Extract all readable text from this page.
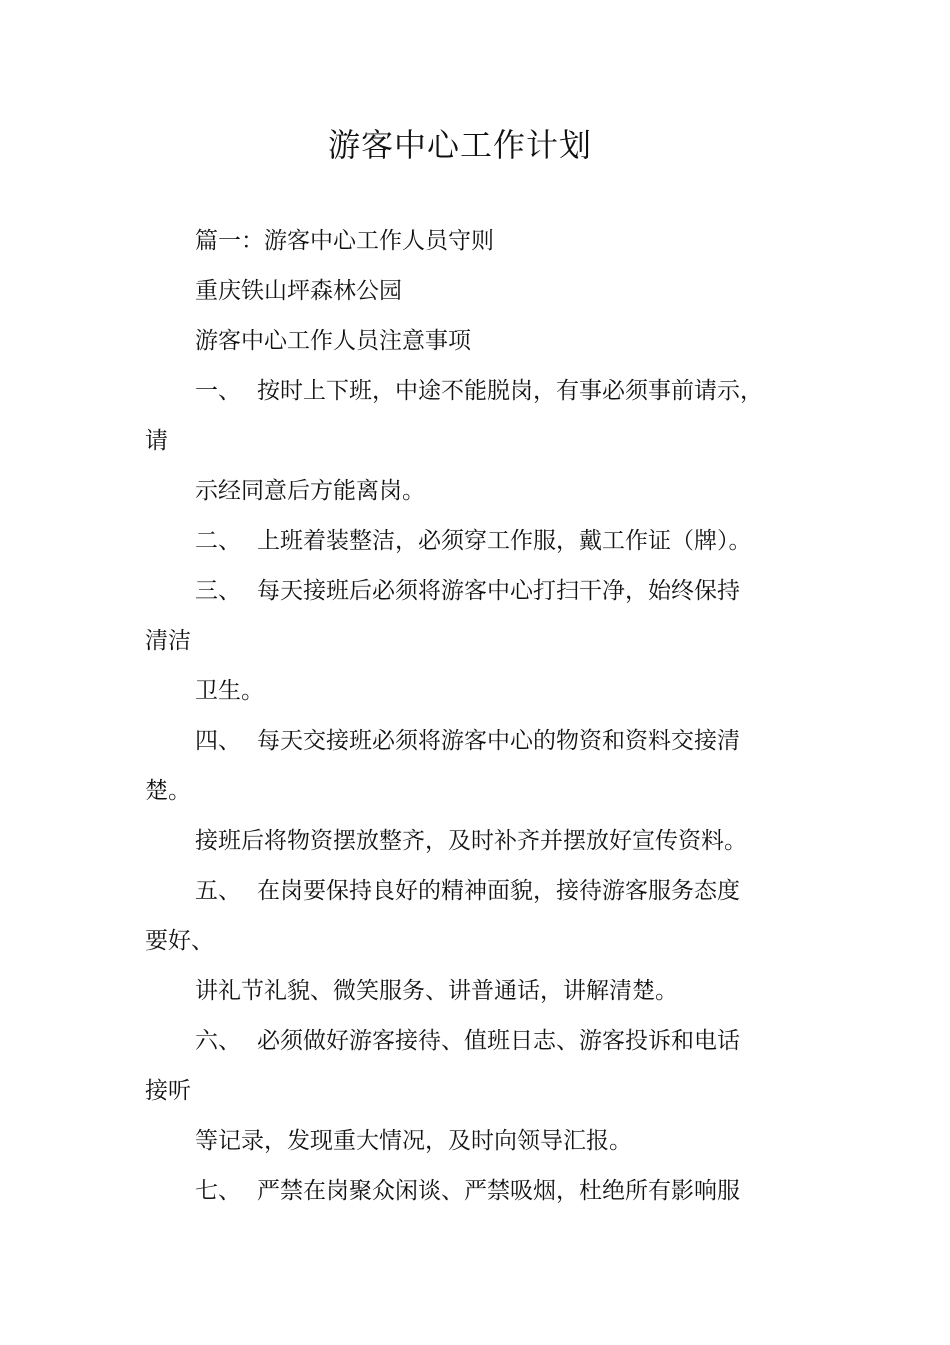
游客中心工作计划
篇一：游客中心工作人员守则
重庆铁山坪森林公园
游客中心工作人员注意事项
一、 按时上下班，中途不能脱岗，有事必须事前请示，
请
示经同意后方能离岗。
二、 上班着装整洁，必须穿工作服，戴工作证（牌）。
三、 每天接班后必须将游客中心打扫干净，始终保持
清洁
卫生。
四、 每天交接班必须将游客中心的物资和资料交接清
楚。
接班后将物资摆放整齐，及时补齐并摆放好宣传资料。
五、 在岗要保持良好的精神面貌，接待游客服务态度
要好、
讲礼节礼貌、微笑服务、讲普通话，讲解清楚。
六、 必须做好游客接待、值班日志、游客投诉和电话
接听
等记录，发现重大情况，及时向领导汇报。
七、 严禁在岗聚众闲谈、严禁吸烟，杜绝所有影响服
